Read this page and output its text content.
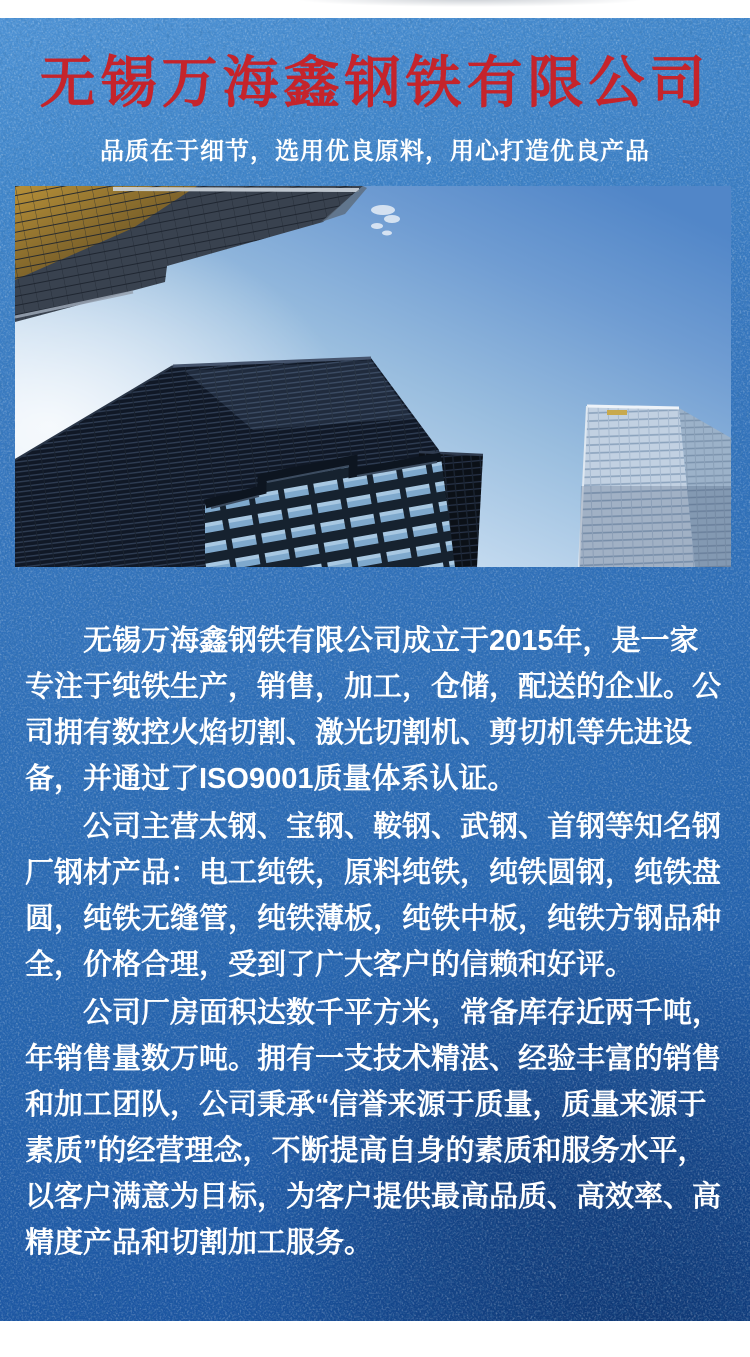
无锡万海鑫钢铁有限公司

品质在于细节，选用优良原料，用心打造优良产品

无锡万海鑫钢铁有限公司成立于2015年，是一家专注于纯铁生产，销售，加工，仓储，配送的企业。公司拥有数控火焰切割、激光切割机、剪切机等先进设备，并通过了ISO9001质量体系认证。

公司主营太钢、宝钢、鞍钢、武钢、首钢等知名钢厂钢材产品：电工纯铁，原料纯铁，纯铁圆钢，纯铁盘圆，纯铁无缝管，纯铁薄板，纯铁中板，纯铁方钢品种全，价格合理，受到了广大客户的信赖和好评。

公司厂房面积达数千平方米，常备库存近两千吨，年销售量数万吨。拥有一支技术精湛、经验丰富的销售和加工团队，公司秉承“信誉来源于质量，质量来源于素质”的经营理念，不断提高自身的素质和服务水平，以客户满意为目标，为客户提供最高品质、高效率、高精度产品和切割加工服务。
